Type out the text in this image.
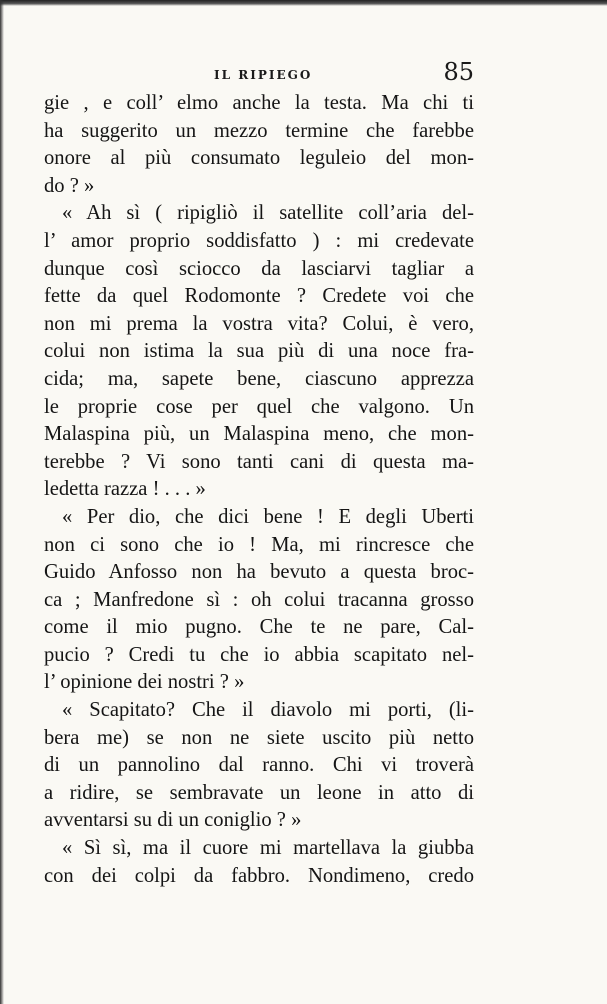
IL RIPIEGO	85
gie , e coll’ elmo anche la testa. Ma chi ti
ha suggerito un mezzo termine che farebbe
onore al più consumato leguleio del mon-
do ? »
« Ah sì ( ripigliò il satellite coll’aria del-
l’ amor proprio soddisfatto ) : mi credevate
dunque così sciocco da lasciarvi tagliar a
fette da quel Rodomonte ? Credete voi che
non mi prema la vostra vita? Colui, è vero,
colui non istima la sua più di una noce fra-
cida; ma, sapete bene, ciascuno apprezza
le proprie cose per quel che valgono. Un
Malaspina più, un Malaspina meno, che mon-
terebbe ? Vi sono tanti cani di questa ma-
ledetta razza ! . . . »
« Per dio, che dici bene ! E degli Uberti
non ci sono che io ! Ma, mi rincresce che
Guido Anfosso non ha bevuto a questa broc-
ca ; Manfredone sì : oh colui tracanna grosso
come il mio pugno. Che te ne pare, Cal-
pucio ? Credi tu che io abbia scapitato nel-
l’ opinione dei nostri ? »
« Scapitato? Che il diavolo mi porti, (li-
bera me) se non ne siete uscito più netto
di un pannolino dal ranno. Chi vi troverà
a ridire, se sembravate un leone in atto di
avventarsi su di un coniglio ? »
« Sì sì, ma il cuore mi martellava la giubba
con dei colpi da fabbro. Nondimeno, credo
